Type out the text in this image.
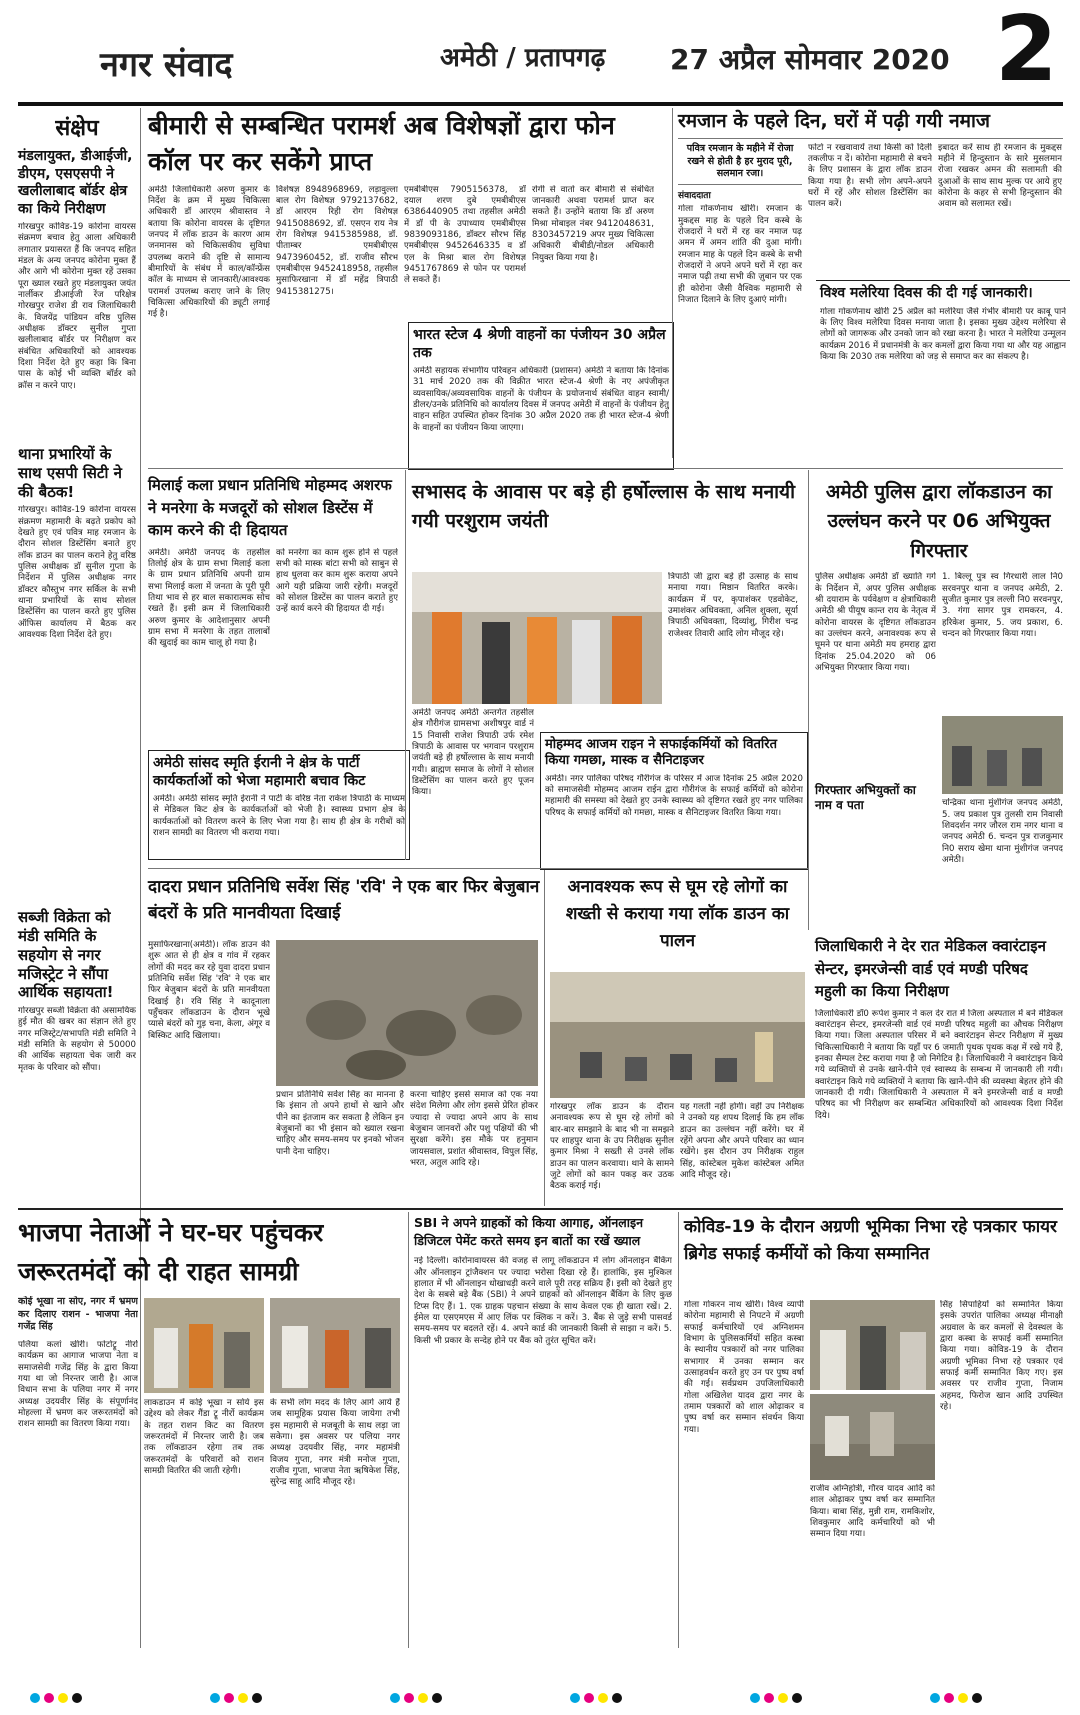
नगर संवाद	अमेठी / प्रतापगढ़ 27 अप्रैल सोमवार 2020 2
संक्षेप
मंडलायुक्त, डीआईजी, डीएम, एसएसपी ने खलीलाबाद बॉर्डर क्षेत्र का किये निरीक्षण
गोरखपुर कोविड-19 कोरोना वायरस संक्रमण बचाव हेतु आला अधिकारी लगातार प्रयासरत हैं कि जनपद सहित मंडल के अन्य जनपद कोरोना मुक्त हैं और आगे भी कोरोना मुक्त रहें उसका पूरा ख्याल रखते हुए मंडलायुक्त जयंत नार्लीकर डीआईजी रेंज परिक्षेत्र गोरखपुर राजेश डी राव जिलाधिकारी के. विजयेंद्र पांडियन वरिष्ठ पुलिस अधीक्षक डॉक्टर सुनील गुप्ता खलीलाबाद बॉर्डर पर निरीक्षण कर संबंधित अधिकारियों को आवश्यक दिशा निर्देश देते हुए कहा कि बिना पास के कोई भी व्यक्ति बॉर्डर को क्रॉस न करने पाए।
थाना प्रभारियों के साथ एसपी सिटी ने की बैठक!
गोरखपुर। कोविड-19 कोरोना वायरस संक्रमण महामारी के बढ़ते प्रकोप को देखते हुए एवं पवित्र माह रमजान के दौरान सोशल डिस्टेंसिंग बनाते हुए लॉक डाउन का पालन कराने हेतु वरिष्ठ पुलिस अधीक्षक डॉ सुनील गुप्ता के निर्देशन में पुलिस अधीक्षक नगर डॉक्टर कौस्तुभ नगर सर्किल के सभी थाना प्रभारियों के साथ सोशल डिस्टेंसिंग का पालन करते हुए पुलिस ऑफिस कार्यालय में बैठक कर आवश्यक दिशा निर्देश देते हुए।
सब्जी विक्रेता को मंडी समिति के सहयोग से नगर मजिस्ट्रेट ने सौंपा आर्थिक सहायता!
गोरखपुर सब्जी विक्रेता की असामयिक हुई मौत की खबर का संज्ञान लेते हुए नगर मजिस्ट्रेट/सभापति मंडी समिति ने मंडी समिति के सहयोग से 50000 की आर्थिक सहायता चेक जारी कर मृतक के परिवार को सौंपा।
बीमारी से सम्बन्धित परामर्श अब विशेषज्ञों द्वारा फोन कॉल पर कर सकेंगे प्राप्त
अमेठी जिलाधिकारी अरुण कुमार के निर्देश के क्रम में मुख्य चिकित्सा अधिकारी डॉ आरएम श्रीवास्तव ने बताया कि कोरोना वायरस के दृष्टिगत जनपद में लॉक डाउन के कारण आम जनमानस को चिकित्सकीय सुविधा उपलब्ध कराने की दृष्टि से सामान्य बीमारियों के संबंध में काल/कॉन्फ्रेंस कॉल के माध्यम से जानकारी/आवश्यक परामर्श उपलब्ध कराए जाने के लिए चिकित्सा अधिकारियों की ड्यूटी लगाई गई है।
विशेषज्ञ 8948968969, लड़ावुल्ला बाल रोग विशेषज्ञ 9792137682, डॉ आरएम रिही रोग विशेषज्ञ 9415088692, डॉ. एसएन राय नेत्र रोग विशेषज्ञ 9415385988, डॉ. पीताम्बर एमबीबीएस 9473960452, डॉ. राजीव सौरभ एमबीबीएस 9452418958, तहसील मुसाफिरखाना में डॉ महेंद्र त्रिपाठी 9415381275।
एमबीबीएस 7905156378, डॉ दयाल शरण दुबे एमबीबीएस 6386440905 तथा तहसील अमेठी में डॉ पी के उपाध्याय एमबीबीएस 9839093186, डॉक्टर सौरभ सिंह एमबीबीएस 9452646335 व डॉ एल के मिश्रा बाल रोग विशेषज्ञ 9451767869 से फोन पर परामर्श ले सकते हैं।
रोगी से वार्ता कर बीमारी से संबंधित जानकारी अथवा परामर्श प्राप्त कर सकते हैं। उन्होंने बताया कि डॉ अरुण मिश्रा मोबाइल नंबर 9412048631, 8303457219 अपर मुख्य चिकित्सा अधिकारी बीबीडी/नोडल अधिकारी नियुक्त किया गया है।
भारत स्टेज 4 श्रेणी वाहनों का पंजीयन 30 अप्रैल तक
अमेठी सहायक संभागीय परिवहन अधिकारी (प्रशासन) अमेठी ने बताया कि दिनांक 31 मार्च 2020 तक की विक्रीत भारत स्टेज-4 श्रेणी के नए अपंजीकृत व्यवसायिक/अव्यवसायिक वाहनों के पंजीयन के प्रयोजनार्थ संबंधित वाहन स्वामी/डीलर/उनके प्रतिनिधि को कार्यालय दिवस में जनपद अमेठी में वाहनों के पंजीयन हेतु वाहन सहित उपस्थित होकर दिनांक 30 अप्रैल 2020 तक ही भारत स्टेज-4 श्रेणी के वाहनों का पंजीयन किया जाएगा।
रमजान के पहले दिन, घरों में पढ़ी गयी नमाज
पवित्र रमजान के महीने में रोजा रखने से होती है हर मुराद पूरी, सलमान रजा।
संवाददाता
गोला गोकर्णनाथ खीरी। रमजान के मुकद्दस माह के पहले दिन कस्बे के रोजदारों ने घरों में रह कर नमाज पढ़ अमन में अमन शांति की दुआ मांगी। रमजान माह के पहले दिन कस्बे के सभी रोजदारों ने अपने अपने घरों में रहा कर नमाज पढ़ी तथा सभी की ज़ुबान पर एक ही कोरोना जैसी वैश्विक महामारी से निजात दिलाने के लिए दुआएं मांगी।
फोटो न रखवावायें तथा किसी को दिली तकलीफ न दें। कोरोना महामारी से बचने के लिए प्रशासन के द्वारा लॉक डाउन किया गया है। सभी लोग अपने-अपने घरों में रहें और सोशल डिस्टेंसिंग का पालन करें।
इबादत करें साथ ही रमजान के मुकद्दस महीने में हिन्दुस्तान के सारे मुसलमान रोजा रखकर अमन की सलामती की दुआओं के साथ साथ मुल्क पर आये हुए कोरोना के कहर से सभी हिन्दुस्तान की अवाम को सलामत रखें।
विश्व मलेरिया दिवस की दी गई जानकारी।
गोला गोकर्णनाथ खीरी 25 अप्रैल को मलेरिया जैसे गंभीर बीमारी पर काबू पाने के लिए विश्व मलेरिया दिवस मनाया जाता है। इसका मुख्य उद्देश्य मलेरिया से लोगों को जागरूक और उनको जान को रखा करना है। भारत ने मलेरिया उन्मूलन कार्यक्रम 2016 में प्रधानमंत्री के कर कमलों द्वारा किया गया था और यह आह्वान किया कि 2030 तक मलेरिया को जड़ से समाप्त कर का संकल्प है।
मिलाई कला प्रधान प्रतिनिधि मोहम्मद अशरफ ने मनरेगा के मजदूरों को सोशल डिस्टेंस में काम करने की दी हिदायत
अमेठी। अमेठी जनपद के तहसील तिलोई क्षेत्र के ग्राम सभा मिलाई कला के ग्राम प्रधान प्रतिनिधि अपनी ग्राम सभा मिलाई कला में जनता के पूरी पूरी तिथा भाव से हर बाल सकारात्मक सोच रखते हैं। इसी क्रम में जिलाधिकारी अरुण कुमार के आदेशानुसार अपनी ग्राम सभा में मनरेगा के तहत तालाबों की खुदाई का काम चालू हो गया है।
को मनरेगा का काम शुरू होने से पहले सभी को मास्क बांटा सभी को साबुन से हाथ धुलवा कर काम शुरू कराया अपने आगे यही प्रक्रिया जारी रहेगी। मजदूरों को सोशल डिस्टेंस का पालन कराते हुए उन्हें कार्य करने की हिदायत दी गई।
अमेठी सांसद स्मृति ईरानी ने क्षेत्र के पार्टी कार्यकर्ताओं को भेजा महामारी बचाव किट
अमेठी। अमेठी सांसद स्मृति ईरानी ने पार्टी के वरिष्ठ नेता राकेश त्रिपाठी के माध्यम से मेडिकल किट क्षेत्र के कार्यकर्ताओं को भेजी है। स्वास्थ्य प्रभाग क्षेत्र के कार्यकर्ताओं को वितरण करने के लिए भेजा गया है। साथ ही क्षेत्र के गरीबों को राशन सामग्री का वितरण भी कराया गया।
सभासद के आवास पर बड़े ही हर्षोल्लास के साथ मनायी गयी परशुराम जयंती
अमेठी जनपद अमेठी अन्तर्गत तहसील क्षेत्र गौरीगंज ग्रामसभा अशीषपुर वार्ड नं 15 निवासी राजेश त्रिपाठी उर्फ रमेश त्रिपाठी के आवास पर भगवान परशुराम जयंती बड़े ही हर्षोल्लास के साथ मनायी गयी। ब्राह्मण समाज के लोगों ने सोशल डिस्टेंसिंग का पालन करते हुए पूजन किया।
त्रिपाठी जी द्वारा बड़े ही उत्साह के साथ मनाया गया। मिष्ठान वितरित करके। कार्यक्रम में पर, कृपाशंकर एडवोकेट, उमाशंकर अधिवक्ता, अनिल शुक्ला, सूर्या त्रिपाठी अधिवक्ता, दिव्यांशु, गिरीश चन्द्र राजेश्वर तिवारी आदि लोग मौजूद रहे।
मोहम्मद आजम राइन ने सफाईकर्मियों को वितरित किया गमछा, मास्क व सैनिटाइजर
अमेठी। नगर पालिका परिषद गौरीगंज के परिसर में आज दिनांक 25 अप्रैल 2020 को समाजसेवी मोहम्मद आजम राईन द्वारा गौरीगंज के सफाई कर्मियों को कोरोना महामारी की समस्या को देखते हुए उनके स्वास्थ्य को दृष्टिगत रखते हुए नगर पालिका परिषद के सफाई कर्मियों को गमछा, मास्क व सैनिटाइजर वितरित किया गया।
अमेठी पुलिस द्वारा लॉकडाउन का उल्लंघन करने पर 06 अभियुक्त गिरफ्तार
पुलिस अधीक्षक अमेठी डॉ ख्याति गर्ग के निर्देशन में, अपर पुलिस अधीक्षक श्री दयाराम के पर्यवेक्षण व क्षेत्राधिकारी अमेठी श्री पीयूष कान्त राय के नेतृत्व में कोरोना वायरस के दृष्टिगत लॉकडाउन का उल्लंघन करने, अनावश्यक रूप से घूमने पर थाना अमेठी मय हमराह द्वारा दिनांक 25.04.2020 को 06 अभियुक्त गिरफ्तार किया गया।
गिरफ्तार अभियुक्तों का नाम व पता
1. बिल्लू पुत्र स्व गिरधारी लाल नि0 सरवनपुर थाना व जनपद अमेठी, 2. सुजीत कुमार पुत्र लल्ली नि0 सरवनपुर, 3. गंगा सागर पुत्र रामकरन, 4. हरिकेश कुमार, 5. जय प्रकाश, 6. चन्दन को गिरफ्तार किया गया।
चन्द्रिका थाना मुंशीगंज जनपद अमेठी, 5. जय प्रकाश पुत्र तुलसी राम निवासी शिवदर्शन नगर जौरल राम नगर थाना व जनपद अमेठी 6. चन्दन पुत्र राजकुमार नि0 सराय खेमा थाना मुंशीगंज जनपद अमेठी।
जिलाधिकारी ने देर रात मेडिकल क्वारंटाइन सेन्टर, इमरजेन्सी वार्ड एवं मण्डी परिषद महुली का किया निरीक्षण
जिलाधिकारी डॉ0 रूपेश कुमार ने कल देर रात में जिला अस्पताल में बने मेडिकल क्वारंटाइन सेन्टर, इमरजेन्सी वार्ड एवं मण्डी परिषद महुली का औचक निरीक्षण किया गया। जिला अस्पताल परिसर में बने क्वारंटाइन सेन्टर निरीक्षण में मुख्य चिकित्साधिकारी ने बताया कि यहाँ पर 6 जमाती पृथक पृथक कक्ष में रखे गये हैं, इनका सैम्पल टेस्ट कराया गया है जो निगेटिव है। जिलाधिकारी ने क्वारंटाइन किये गये व्यक्तियों से उनके खाने-पीने एवं स्वास्थ्य के सम्बन्ध में जानकारी ली गयी। क्वारंटाइन किये गये व्यक्तियों ने बताया कि खाने-पीने की व्यवस्था बेहतर होने की जानकारी दी गयी। जिलाधिकारी ने अस्पताल में बने इमरजेन्सी वार्ड व मण्डी परिषद का भी निरीक्षण कर सम्बन्धित अधिकारियों को आवश्यक दिशा निर्देश दिये।
दादरा प्रधान प्रतिनिधि सर्वेश सिंह 'रवि' ने एक बार फिर बेजुबान बंदरों के प्रति मानवीयता दिखाई
मुसाफिरखाना(अमेठी)। लॉक डाउन की शुरू आत से ही क्षेत्र व गांव में रहकर लोगों की मदद कर रहे युवा दादरा प्रधान प्रतिनिधि सर्वेश सिंह 'रवि' ने एक बार फिर बेजुबान बंदरों के प्रति मानवीयता दिखाई है। रवि सिंह ने कादूनाला पहुँचकर लॉकडाउन के दौरान भूखे प्यासे बंदरों को गुड़ चना, केला, अंगूर व बिस्किट आदि खिलाया।
प्रधान प्रतिनिधि सर्वेश सिंह का मानना है कि इंसान तो अपने हाथों से खाने और पीने का इंतजाम कर सकता है लेकिन इन बेजुबानों का भी इंसान को ख्याल रखना चाहिए और समय-समय पर इनको भोजन पानी देना चाहिए।
करना चाहिए इससे समाज को एक नया संदेश मिलेगा और लोग इससे प्रेरित होकर ज्यादा से ज्यादा अपने आप के साथ बेजुबान जानवरों और पशु पक्षियों की भी सुरक्षा करेंगे। इस मौके पर हनुमान जायसवाल, प्रशांत श्रीवास्तव, विपुल सिंह, भरत, अतुल आदि रहे।
अनावश्यक रूप से घूम रहे लोगों का शख्ती से कराया गया लॉक डाउन का पालन
गोरखपुर लॉक डाउन के दौरान अनावश्यक रूप से घूम रहे लोगों को बार-बार समझाने के बाद भी ना समझने पर शाहपुर थाना के उप निरीक्षक सुनील कुमार मिश्रा ने सख्ती से उनसे लॉक डाउन का पालन करवाया। थाने के सामने जुटे लोगों को कान पकड़ कर उठक बैठक कराई गई।
यह गलती नहीं होगी। वहीं उप निरीक्षक ने उनको यह शपथ दिलाई कि हम लॉक डाउन का उल्लंघन नहीं करेंगे। घर में रहेंगे अपना और अपने परिवार का ध्यान रखेंगे। इस दौरान उप निरीक्षक राहुल सिंह, कांस्टेबल मुकेश कांस्टेबल अमित आदि मौजूद रहे।
भाजपा नेताओं ने घर-घर पहुंचकर जरूरतमंदों को दी राहत सामग्री
कोई भूखा ना सोए, नगर में भ्रमण कर दिलाए राशन - भाजपा नेता गजेंद्र सिंह
पलिया कलां खीरी। फोटोट्रू नीर्रो कार्यक्रम का आगाज भाजपा नेता व समाजसेवी गजेंद्र सिंह के द्वारा किया गया था जो निरन्तर जारी है। आज विधान सभा के पलिया नगर में नगर अध्यक्ष उदयवीर सिंह के संपूर्णानंद मोहल्ला में भ्रमण कर जरूरतमंदों को राशन सामग्री का वितरण किया गया।
लाकडाउन में कोई भूखा न सोये इस उद्देश्य को लेकर गैंडा ट्रू नीर्रो कार्यक्रम के तहत राशन किट का वितरण जरूरतमंदों में निरन्तर जारी है। जब तक लॉकडाउन रहेगा तब तक जरूरतमंदों के परिवारों को राशन सामग्री वितरित की जाती रहेगी।
के सभी लोग मदद के लिए आगे आये हैं जब सामूहिक प्रयास किया जायेगा तभी इस महामारी से मजबूती के साथ लड़ा जा सकेगा। इस अवसर पर पलिया नगर अध्यक्ष उदयवीर सिंह, नगर महामंत्री विजय गुप्ता, नगर मंत्री मनोज गुप्ता, राजीव गुप्ता, भाजपा नेता ऋषिकेश सिंह, सुरेन्द्र साहू आदि मौजूद रहे।
SBI ने अपने ग्राहकों को किया आगाह, ऑनलाइन डिजिटल पेमेंट करते समय इन बातों का रखें ख्याल
नई दिल्ली। कोरोनावायरस की वजह से लागू लॉकडाउन में लोग ऑनलाइन बैंकिंग और ऑनलाइन ट्रांजैक्शन पर ज्यादा भरोसा दिखा रहे हैं। हालांकि, इस मुश्किल हालात में भी ऑनलाइन धोखाधड़ी करने वाले पूरी तरह सक्रिय हैं। इसी को देखते हुए देश के सबसे बड़े बैंक (SBI) ने अपने ग्राहकों को ऑनलाइन बैंकिंग के लिए कुछ टिप्स दिए हैं। 1. एक ग्राहक पहचान संख्या के साथ केवल एक ही खाता रखें। 2. ईमेल या एसएमएस में आए लिंक पर क्लिक न करें। 3. बैंक से जुड़े सभी पासवर्ड समय-समय पर बदलते रहें। 4. अपने कार्ड की जानकारी किसी से साझा न करें। 5. किसी भी प्रकार के सन्देह होने पर बैंक को तुरंत सूचित करें।
कोविड-19 के दौरान अग्रणी भूमिका निभा रहे पत्रकार फायर ब्रिगेड सफाई कर्मीयों को किया सम्मानित
गोला गोकरन नाथ खीरी। विश्व व्यापी कोरोना महामारी से निपटने में अग्रणी सफाई कर्मचारियों एवं अग्निशमन विभाग के पुलिसकर्मियों सहित कस्बा के स्थानीय पत्रकारों को नगर पालिका सभागार में उनका सम्मान कर उत्साहवर्धन करते हुए उन पर पुष्प वर्षा की गई। सर्वप्रथम उपजिलाधिकारी गोला अखिलेश यादव द्वारा नगर के तमाम पत्रकारों को शाल ओढ़ाकर व पुष्प वर्षा कर सम्मान संवर्धन किया गया।
राजीव अग्निहोत्री, गौरव यादव आदि को शाल ओढ़ाकर पुष्प वर्षा कर सम्मानित किया। बाबा सिंह, मुन्नी राम, रामकिशोर, शिवकुमार आदि कर्मचारियों को भी सम्मान दिया गया।
सिंह सिपाहियों को सम्मानित किया इसके उपरांत पालिका अध्यक्ष मीनाक्षी अग्रवाल के कर कमलों से देवस्थल के द्वारा कस्बा के सफाई कर्मी सम्मानित किया गया। कोविड-19 के दौरान अग्रणी भूमिका निभा रहे पत्रकार एवं सफाई कर्मी सम्मानित किए गए। इस अवसर पर राजीव गुप्ता, निजाम अहमद, फिरोज खान आदि उपस्थित रहे।
